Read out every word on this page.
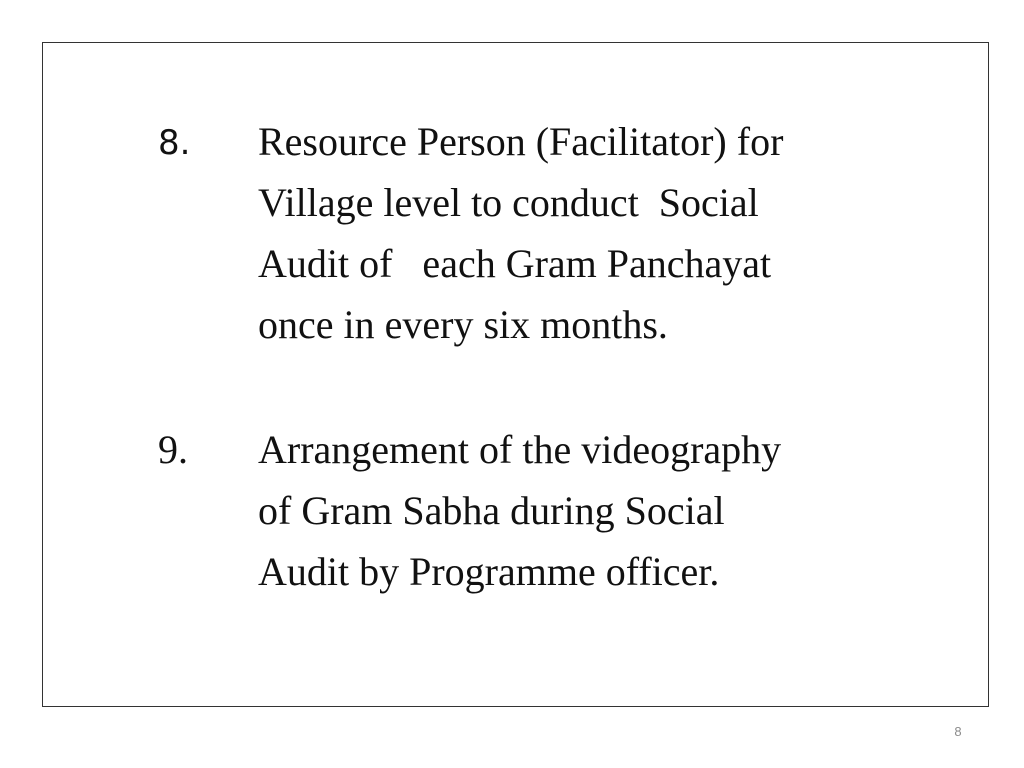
8. Resource Person (Facilitator) for
Village level to conduct  Social
Audit of   each Gram Panchayat
once in every six months.
9. Arrangement of the videography
of Gram Sabha during Social
Audit by Programme officer.
8
